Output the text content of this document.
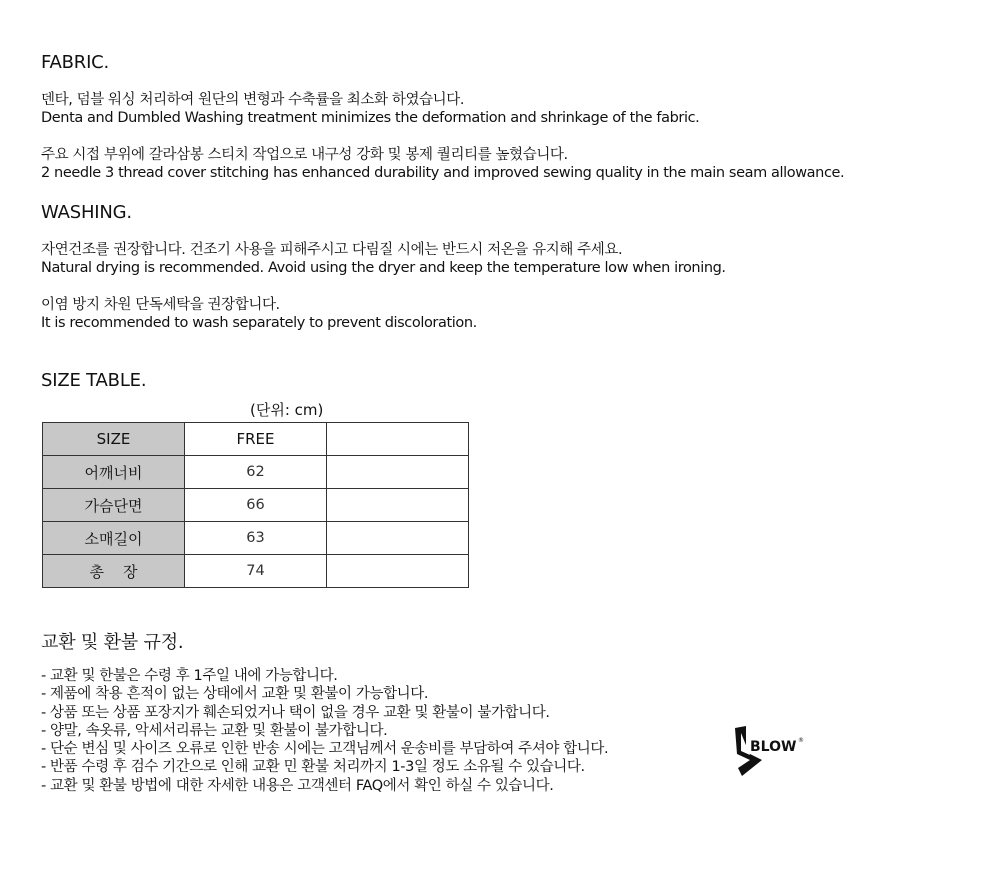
FABRIC.
덴타, 덤블 워싱 처리하여 원단의 변형과 수축률을 최소화 하였습니다.
Denta and Dumbled Washing treatment minimizes the deformation and shrinkage of the fabric.
주요 시접 부위에 갈라삼봉 스티치 작업으로 내구성 강화 및 봉제 퀄리티를 높혔습니다.
2 needle 3 thread cover stitching has enhanced durability and improved sewing quality in the main seam allowance.
WASHING.
자연건조를 권장합니다. 건조기 사용을 피해주시고 다림질 시에는 반드시 저온을 유지해 주세요.
Natural drying is recommended. Avoid using the dryer and keep the temperature low when ironing.
이염 방지 차원 단독세탁을 권장합니다.
It is recommended to wash separately to prevent discoloration.
SIZE TABLE.
(단위: cm)
SIZE	FREE	
어깨너비	62	
가슴단면	66	
소매길이	63	
총    장	74	
교환 및 환불 규정.
- 교환 및 한불은 수령 후 1주일 내에 가능합니다.
- 제품에 착용 흔적이 없는 상태에서 교환 및 환불이 가능합니다.
- 상품 또는 상품 포장지가 훼손되었거나 택이 없을 경우 교환 및 환불이 불가합니다.
- 양말, 속옷류, 악세서리류는 교환 및 환불이 불가합니다.
- 단순 변심 및 사이즈 오류로 인한 반송 시에는 고객님께서 운송비를 부담하여 주셔야 합니다.
- 반품 수령 후 검수 기간으로 인해 교환 민 환불 처리까지 1-3일 정도 소유될 수 있습니다.
- 교환 및 환불 방법에 대한 자세한 내용은 고객센터 FAQ에서 확인 하실 수 있습니다.
BLOW ®
